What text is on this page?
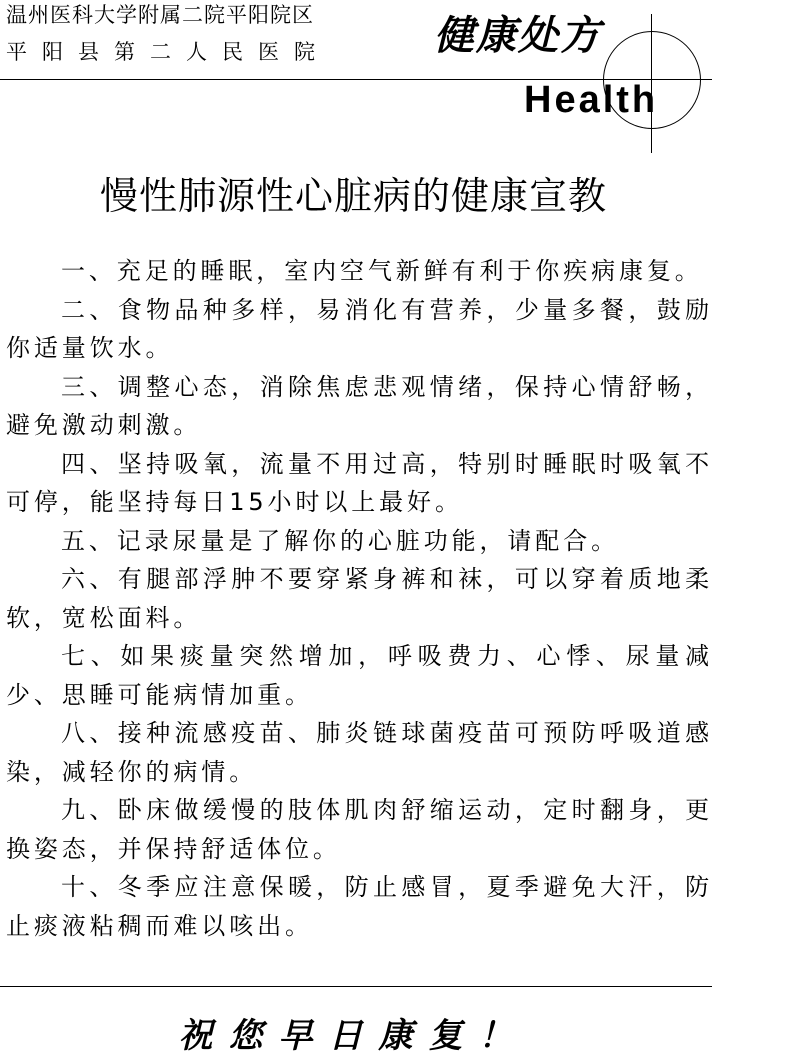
温州医科大学附属二院平阳院区
平阳县第二人民医院	健康处方
Health
慢性肺源性心脏病的健康宣教

一、充足的睡眠，室内空气新鲜有利于你疾病康复。

二、食物品种多样，易消化有营养，少量多餐，鼓励你适量饮水。

三、调整心态，消除焦虑悲观情绪，保持心情舒畅，避免激动刺激。

四、坚持吸氧，流量不用过高，特别时睡眠时吸氧不可停，能坚持每日15小时以上最好。

五、记录尿量是了解你的心脏功能，请配合。

六、有腿部浮肿不要穿紧身裤和袜，可以穿着质地柔软，宽松面料。

七、如果痰量突然增加，呼吸费力、心悸、尿量减少、思睡可能病情加重。

八、接种流感疫苗、肺炎链球菌疫苗可预防呼吸道感染，减轻你的病情。

九、卧床做缓慢的肢体肌肉舒缩运动，定时翻身，更换姿态，并保持舒适体位。

十、冬季应注意保暖，防止感冒，夏季避免大汗，防止痰液粘稠而难以咳出。

祝您早日康复！
